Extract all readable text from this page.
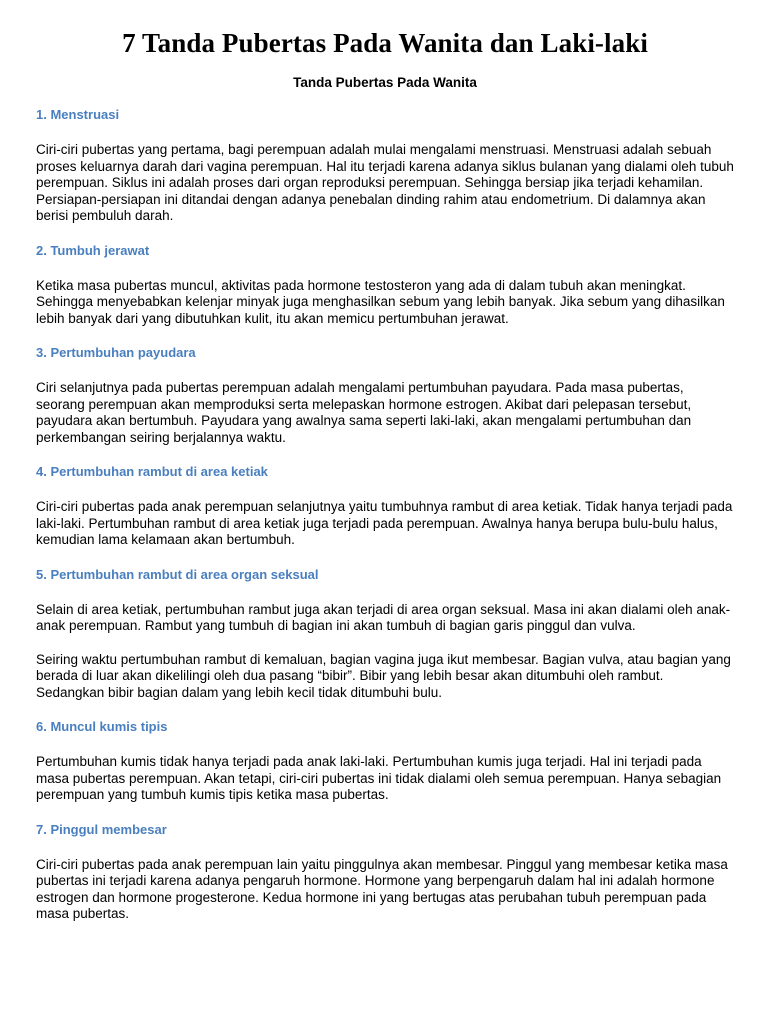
7 Tanda Pubertas Pada Wanita dan Laki-laki
Tanda Pubertas Pada Wanita
1. Menstruasi

Ciri-ciri pubertas yang pertama, bagi perempuan adalah mulai mengalami menstruasi. Menstruasi adalah sebuah proses keluarnya darah dari vagina perempuan. Hal itu terjadi karena adanya siklus bulanan yang dialami oleh tubuh perempuan. Siklus ini adalah proses dari organ reproduksi perempuan. Sehingga bersiap jika terjadi kehamilan. Persiapan-persiapan ini ditandai dengan adanya penebalan dinding rahim atau endometrium. Di dalamnya akan berisi pembuluh darah.

2. Tumbuh jerawat

Ketika masa pubertas muncul, aktivitas pada hormone testosteron yang ada di dalam tubuh akan meningkat. Sehingga menyebabkan kelenjar minyak juga menghasilkan sebum yang lebih banyak. Jika sebum yang dihasilkan lebih banyak dari yang dibutuhkan kulit, itu akan memicu pertumbuhan jerawat.

3. Pertumbuhan payudara

Ciri selanjutnya pada pubertas perempuan adalah mengalami pertumbuhan payudara. Pada masa pubertas, seorang perempuan akan memproduksi serta melepaskan hormone estrogen. Akibat dari pelepasan tersebut, payudara akan bertumbuh. Payudara yang awalnya sama seperti laki-laki, akan mengalami pertumbuhan dan perkembangan seiring berjalannya waktu.

4. Pertumbuhan rambut di area ketiak

Ciri-ciri pubertas pada anak perempuan selanjutnya yaitu tumbuhnya rambut di area ketiak. Tidak hanya terjadi pada laki-laki. Pertumbuhan rambut di area ketiak juga terjadi pada perempuan. Awalnya hanya berupa bulu-bulu halus, kemudian lama kelamaan akan bertumbuh.

5. Pertumbuhan rambut di area organ seksual

Selain di area ketiak, pertumbuhan rambut juga akan terjadi di area organ seksual. Masa ini akan dialami oleh anak-anak perempuan. Rambut yang tumbuh di bagian ini akan tumbuh di bagian garis pinggul dan vulva.

Seiring waktu pertumbuhan rambut di kemaluan, bagian vagina juga ikut membesar. Bagian vulva, atau bagian yang berada di luar akan dikelilingi oleh dua pasang “bibir”. Bibir yang lebih besar akan ditumbuhi oleh rambut. Sedangkan bibir bagian dalam yang lebih kecil tidak ditumbuhi bulu.

6. Muncul kumis tipis

Pertumbuhan kumis tidak hanya terjadi pada anak laki-laki. Pertumbuhan kumis juga terjadi. Hal ini terjadi pada masa pubertas perempuan. Akan tetapi, ciri-ciri pubertas ini tidak dialami oleh semua perempuan. Hanya sebagian perempuan yang tumbuh kumis tipis ketika masa pubertas.

7. Pinggul membesar

Ciri-ciri pubertas pada anak perempuan lain yaitu pinggulnya akan membesar. Pinggul yang membesar ketika masa pubertas ini terjadi karena adanya pengaruh hormone. Hormone yang berpengaruh dalam hal ini adalah hormone estrogen dan hormone progesterone. Kedua hormone ini yang bertugas atas perubahan tubuh perempuan pada masa pubertas.
